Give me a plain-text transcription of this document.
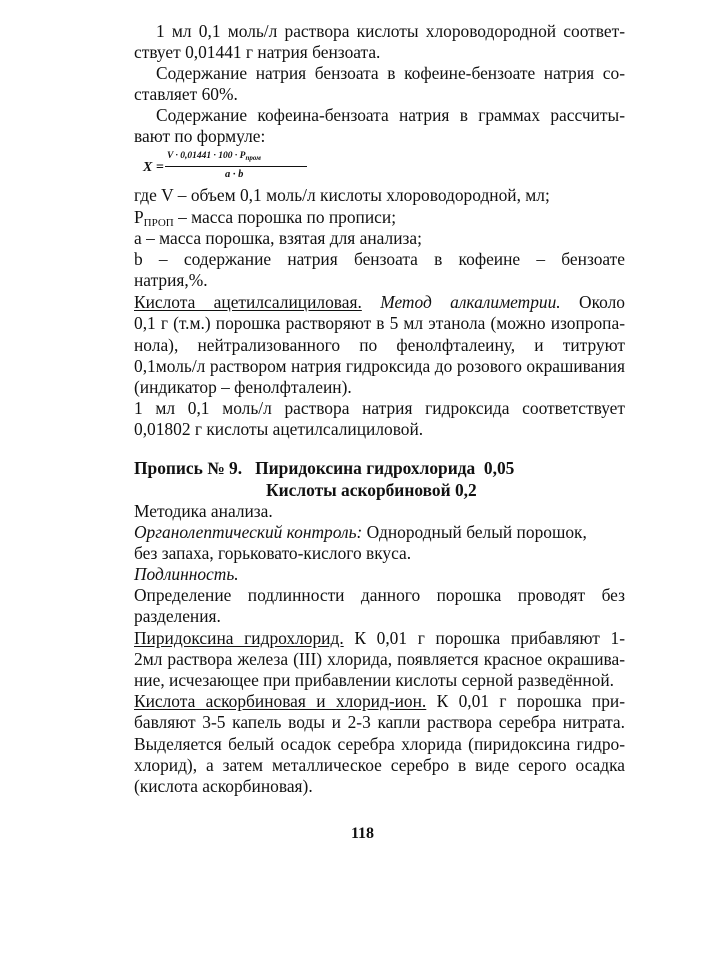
1 мл 0,1 моль/л раствора кислоты хлороводородной соответ-
ствует 0,01441 г натрия бензоата.
Содержание натрия бензоата в кофеине-бензоате натрия со-
ставляет 60%.
Содержание кофеина-бензоата натрия в граммах рассчиты-
вают по формуле:
X =
$V \cdot 0,01441 \cdot 100 \cdot P_{пром}$
a · b
где V – объем 0,1 моль/л кислоты хлороводородной, мл;
$P_{ПРОП}$ – масса порошка по прописи;
а – масса порошка, взятая для анализа;
b – содержание натрия бензоата в кофеине – бензоате
натрия,%.
Кислота ацетилсалициловая. Метод алкалиметрии. Около
0,1 г (т.м.) порошка растворяют в 5 мл этанола (можно изопропа-
нола), нейтрализованного по фенолфталеину, и титруют
0,1моль/л раствором натрия гидроксида до розового окрашивания
(индикатор – фенолфталеин).
1 мл 0,1 моль/л раствора натрия гидроксида соответствует
0,01802 г кислоты ацетилсалициловой.
Пропись № 9.   Пиридоксина гидрохлорида  0,05
Кислоты аскорбиновой 0,2
Методика анализа.
Органолептический контроль: Однородный белый порошок,
без запаха, горьковато-кислого вкуса.
Подлинность.
Определение подлинности данного порошка проводят без
разделения.
Пиридоксина гидрохлорид. К 0,01 г порошка прибавляют 1-
2мл раствора железа (III) хлорида, появляется красное окрашива-
ние, исчезающее при прибавлении кислоты серной разведённой.
Кислота аскорбиновая и хлорид-ион. К 0,01 г порошка при-
бавляют 3-5 капель воды и 2-3 капли раствора серебра нитрата.
Выделяется белый осадок серебра хлорида (пиридоксина гидро-
хлорид), а затем металлическое серебро в виде серого осадка
(кислота аскорбиновая).
118
